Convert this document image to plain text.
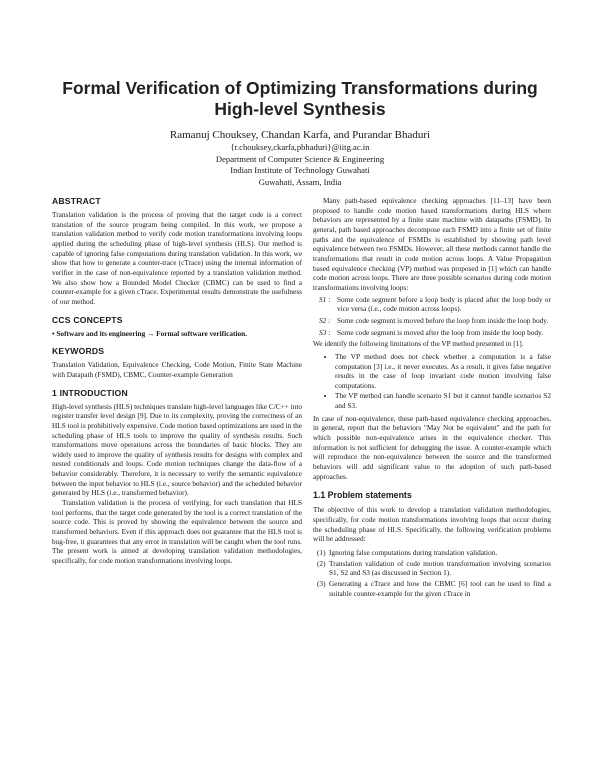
Formal Verification of Optimizing Transformations during High-level Synthesis
Ramanuj Chouksey, Chandan Karfa, and Purandar Bhaduri
{r.chouksey,ckarfa,pbhaduri}@iitg.ac.in
Department of Computer Science & Engineering
Indian Institute of Technology Guwahati
Guwahati, Assam, India
ABSTRACT

Translation validation is the process of proving that the target code is a correct translation of the source program being compiled. In this work, we propose a translation validation method to verify code motion transformations involving loops applied during the scheduling phase of high-level synthesis (HLS). Our method is capable of ignoring false computations during translation validation. In this work, we show that how to generate a counter-trace (cTrace) using the internal information of verifier in the case of non-equivalence reported by a translation validation method. We also show how a Bounded Model Checker (CBMC) can be used to find a counter-example for a given cTrace. Experimental results demonstrate the usefulness of our method.

CCS CONCEPTS

• Software and its engineering → Formal software verification.

KEYWORDS

Translation Validation, Equivalence Checking, Code Motion, Finite State Machine with Datapath (FSMD), CBMC, Counter-example Generation

1 INTRODUCTION

High-level synthesis (HLS) techniques translate high-level languages like C/C++ into register transfer level design [9]. Due to its complexity, proving the correctness of an HLS tool is prohibitively expensive. Code motion based optimizations are used in the scheduling phase of HLS tools to improve the quality of synthesis results. Such transformations move operations across the boundaries of basic blocks. They are widely used to improve the quality of synthesis results for designs with complex and nested conditionals and loops. Code motion techniques change the data-flow of a behavior considerably. Therefore, it is necessary to verify the semantic equivalence between the input behavior to HLS (i.e., source behavior) and the scheduled behavior generated by HLS (i.e., transformed behavior).

Translation validation is the process of verifying, for each translation that HLS tool performs, that the target code generated by the tool is a correct translation of the source code. This is proved by showing the equivalence between the source and transformed behaviors. Even if this approach does not guarantee that the HLS tool is bug-free, it guarantees that any error in translation will be caught when the tool runs. The present work is aimed at developing translation validation methodologies, specifically, for code motion transformations involving loops.

Many path-based equivalence checking approaches [11–13] have been proposed to handle code motion based transformations during HLS where behaviors are represented by a finite state machine with datapaths (FSMD). In general, path based approaches decompose each FSMD into a finite set of finite paths and the equivalence of FSMDs is established by showing path level equivalence between two FSMDs. However, all these methods cannot handle the transformations that result in code motion across loops. A Value Propagation based equivalence checking (VP) method was proposed in [1] which can handle code motion across loops. There are three possible scenarios during code motion transformations involving loops:

S1 : Some code segment before a loop body is placed after the loop body or vice versa (i.e., code motion across loops).
S2 : Some code segment is moved before the loop from inside the loop body.
S3 : Some code segment is moved after the loop from inside the loop body.

We identify the following limitations of the VP method presented in [1].

• The VP method does not check whether a computation is a false computation [3] i.e., it never executes. As a result, it gives false negative results in the case of loop invariant code motion involving false computations.
• The VP method can handle scenario S1 but it cannot handle scenarios S2 and S3.

In case of non-equivalence, these path-based equivalence checking approaches, in general, report that the behaviors "May Not be equivalent" and the path for which possible non-equivalence arises in the equivalence checker. This information is not sufficient for debugging the issue. A counter-example which will reproduce the non-equivalence between the source and the transformed behaviors will add significant value to the adoption of such path-based approaches.

1.1 Problem statements

The objective of this work to develop a translation validation methodologies, specifically, for code motion transformations involving loops that occur during the scheduling phase of HLS. Specifically, the following verification problems will be addressed:

(1) Ignoring false computations during translation validation.
(2) Translation validation of code motion transformation involving scenarios S1, S2 and S3 (as discussed in Section 1).
(3) Generating a cTrace and how the CBMC [6] tool can be used to find a suitable counter-example for the given cTrace in
